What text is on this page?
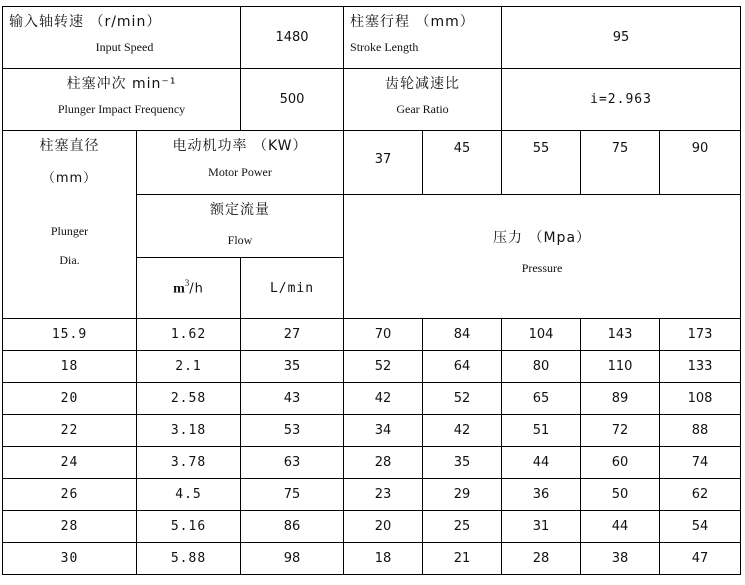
输入轴转速 （r/min）
Input Speed		1480	柱塞行程 （mm）
Stroke Length		95		

柱塞冲次 min⁻¹
Plunger Impact Frequency		500	齿轮减速比
Gear Ratio		i=2.963		

柱塞直径
（mm）
Plunger
Dia.	电动机功率 （KW）
Motor Power		37	45	55	75	90

	额定流量
Flow		压力 （Mpa）
Pressure				

	$m^3/h$	L/min					
15.9	1.62	27	70	84	104	143	173
18	2.1	35	52	64	80	110	133
20	2.58	43	42	52	65	89	108
22	3.18	53	34	42	51	72	88
24	3.78	63	28	35	44	60	74
26	4.5	75	23	29	36	50	62
28	5.16	86	20	25	31	44	54
30	5.88	98	18	21	28	38	47
